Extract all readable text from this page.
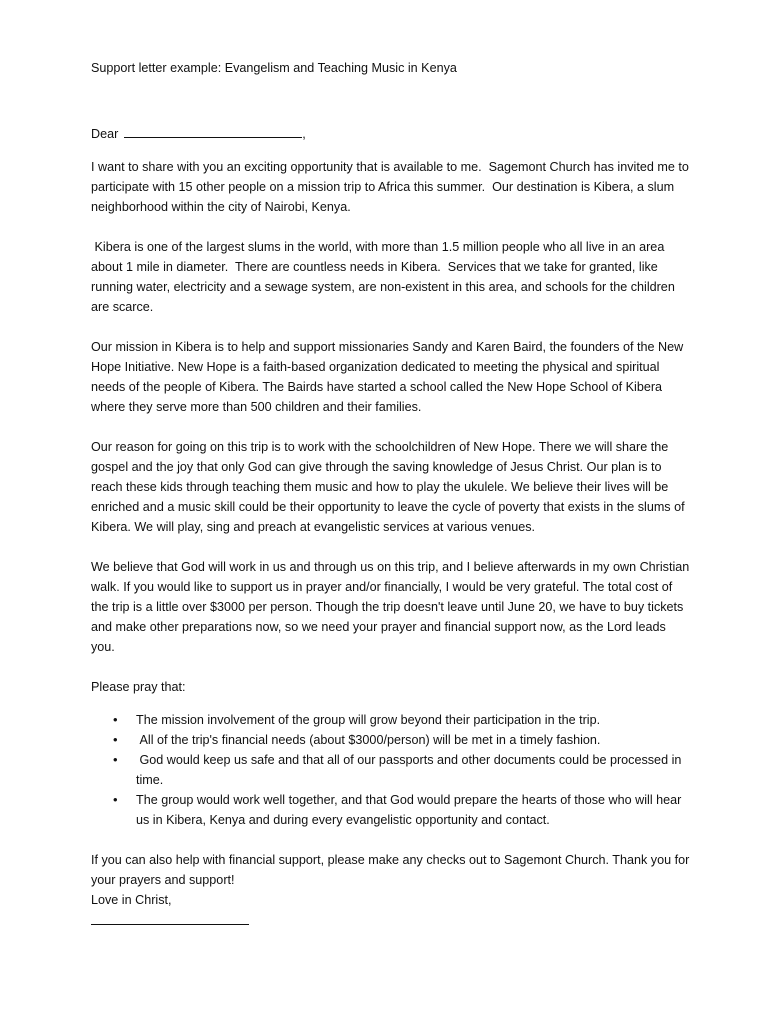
Support letter example: Evangelism and Teaching Music in Kenya

Dear	,

I want to share with you an exciting opportunity that is available to me.  Sagemont Church has invited me to participate with 15 other people on a mission trip to Africa this summer.  Our destination is Kibera, a slum neighborhood within the city of Nairobi, Kenya.

Kibera is one of the largest slums in the world, with more than 1.5 million people who all live in an area about 1 mile in diameter.  There are countless needs in Kibera.  Services that we take for granted, like running water, electricity and a sewage system, are non-existent in this area, and schools for the children are scarce.

Our mission in Kibera is to help and support missionaries Sandy and Karen Baird, the founders of the New Hope Initiative. New Hope is a faith-based organization dedicated to meeting the physical and spiritual needs of the people of Kibera. The Bairds have started a school called the New Hope School of Kibera where they serve more than 500 children and their families.

Our reason for going on this trip is to work with the schoolchildren of New Hope. There we will share the gospel and the joy that only God can give through the saving knowledge of Jesus Christ. Our plan is to reach these kids through teaching them music and how to play the ukulele. We believe their lives will be enriched and a music skill could be their opportunity to leave the cycle of poverty that exists in the slums of Kibera. We will play, sing and preach at evangelistic services at various venues.

We believe that God will work in us and through us on this trip, and I believe afterwards in my own Christian walk. If you would like to support us in prayer and/or financially, I would be very grateful. The total cost of the trip is a little over $3000 per person. Though the trip doesn't leave until June 20, we have to buy tickets and make other preparations now, so we need your prayer and financial support now, as the Lord leads you.

Please pray that:

• The mission involvement of the group will grow beyond their participation in the trip.
• All of the trip's financial needs (about $3000/person) will be met in a timely fashion.
• God would keep us safe and that all of our passports and other documents could be processed in time.
• The group would work well together, and that God would prepare the hearts of those who will hear us in Kibera, Kenya and during every evangelistic opportunity and contact.

If you can also help with financial support, please make any checks out to Sagemont Church. Thank you for your prayers and support!

Love in Christ,
